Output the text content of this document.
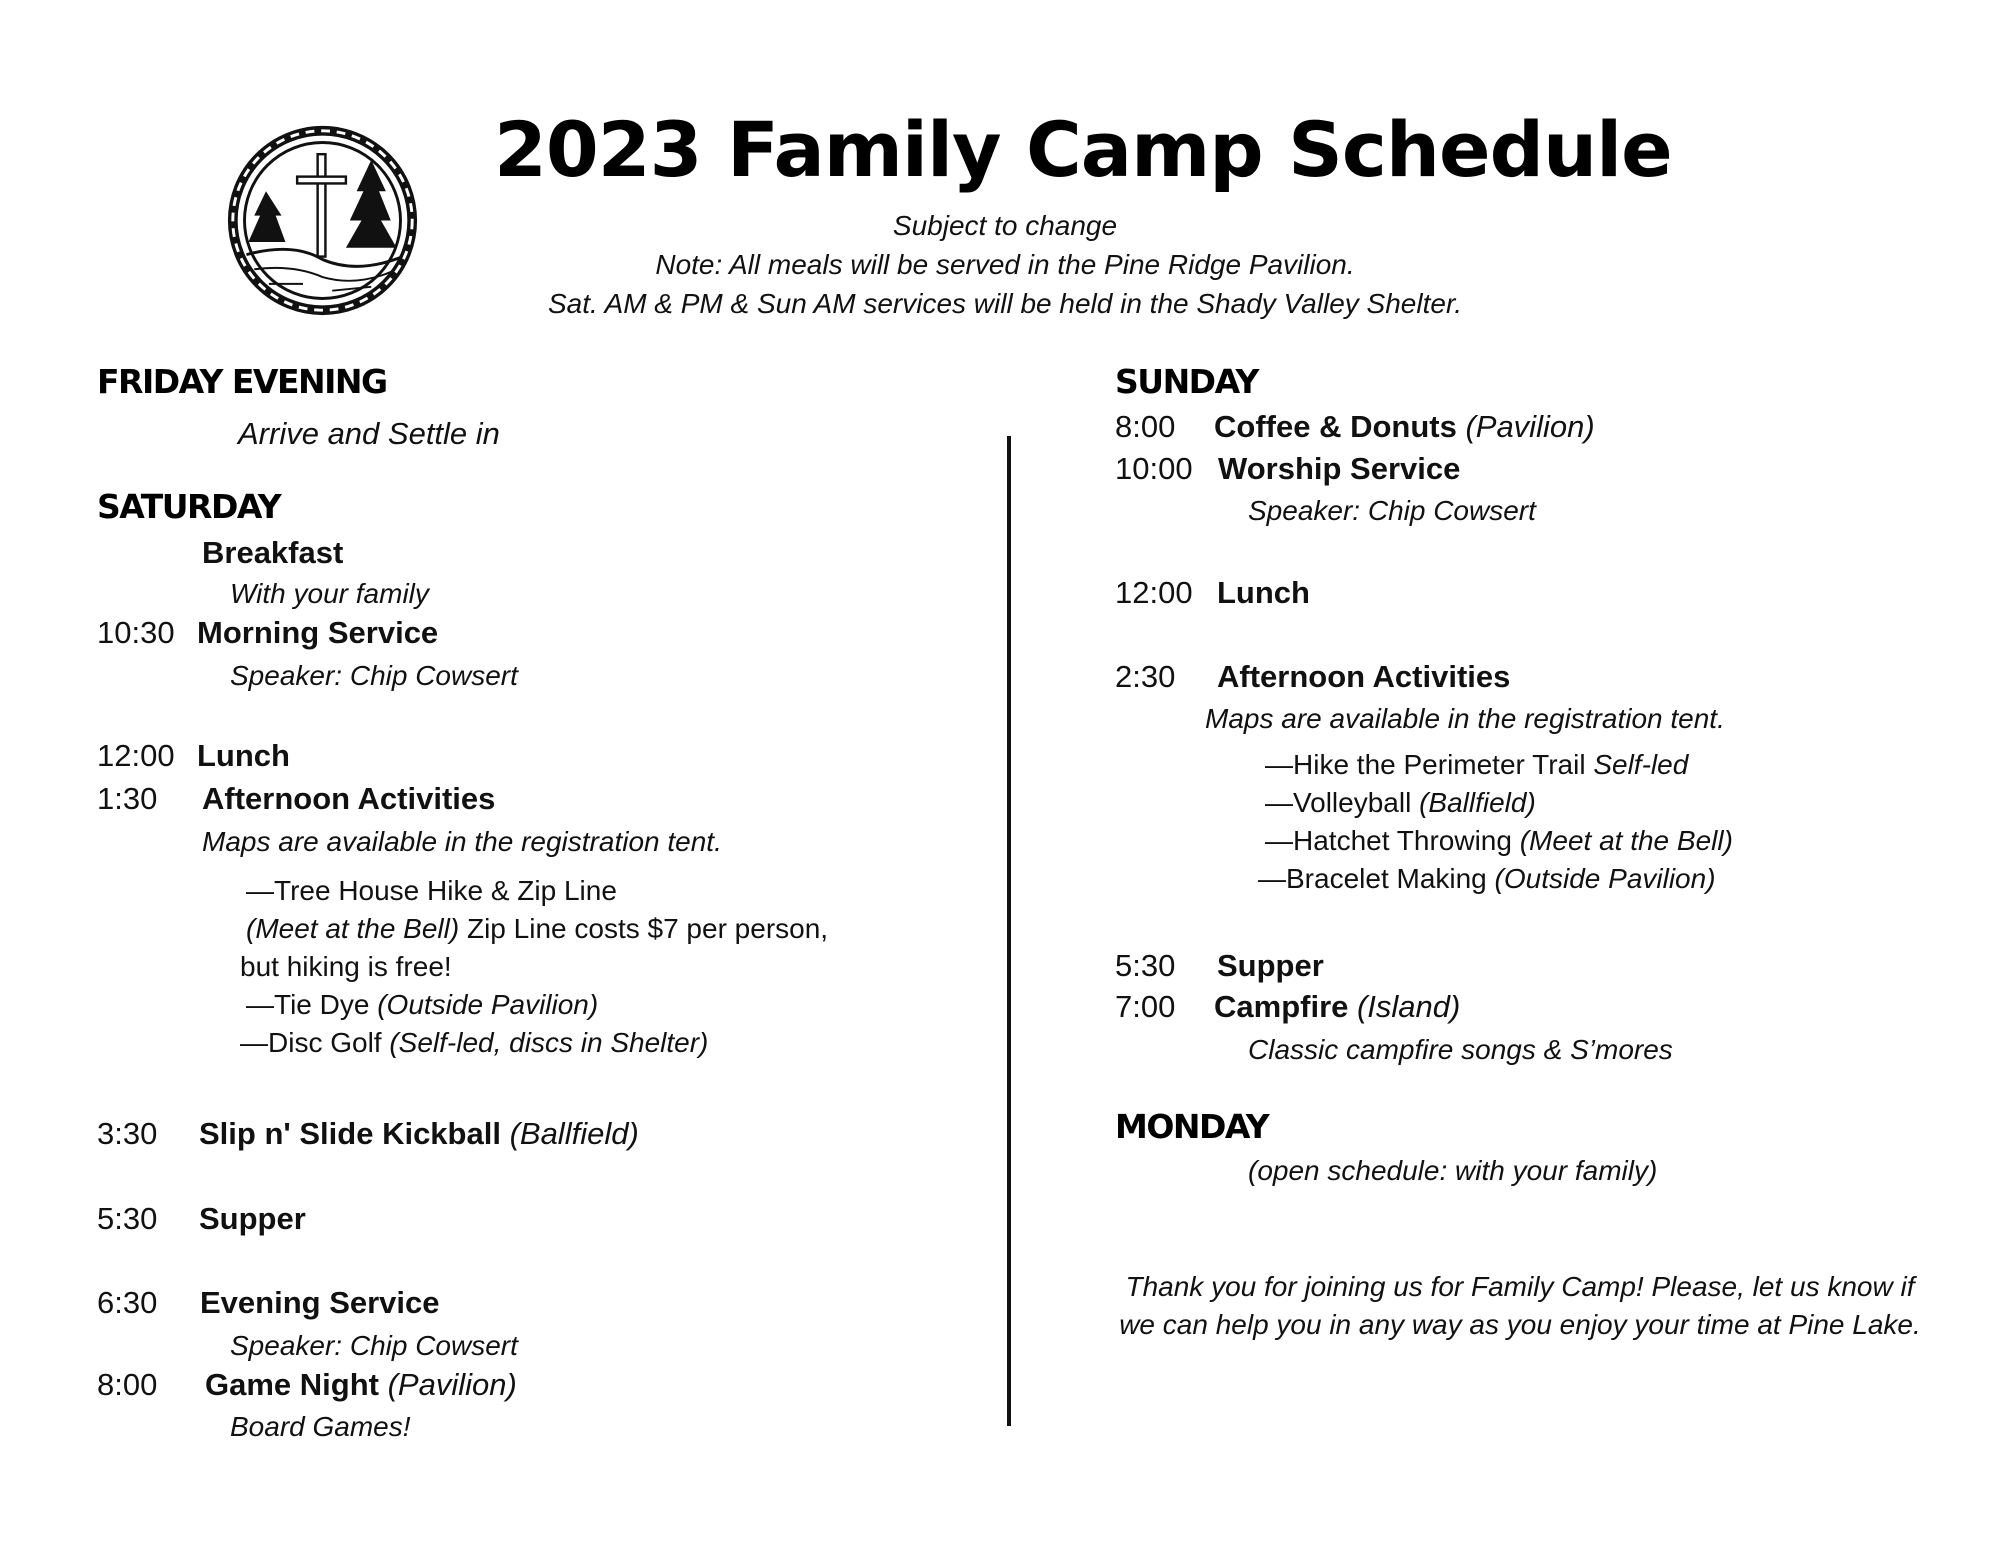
2023 Family Camp Schedule
Subject to change
Note: All meals will be served in the Pine Ridge Pavilion.
Sat. AM & PM & Sun AM services will be held in the Shady Valley Shelter.
FRIDAY EVENING
Arrive and Settle in
SATURDAY
Breakfast
With your family
10:30 Morning Service
Speaker: Chip Cowsert
12:00 Lunch
1:30 Afternoon Activities
Maps are available in the registration tent.
—Tree House Hike & Zip Line
(Meet at the Bell) Zip Line costs $7 per person,
but hiking is free!
—Tie Dye (Outside Pavilion)
—Disc Golf (Self-led, discs in Shelter)
3:30 Slip n' Slide Kickball (Ballfield)
5:30 Supper
6:30 Evening Service
Speaker: Chip Cowsert
8:00 Game Night (Pavilion)
Board Games!
SUNDAY
8:00 Coffee & Donuts (Pavilion)
10:00 Worship Service
Speaker: Chip Cowsert
12:00 Lunch
2:30 Afternoon Activities
Maps are available in the registration tent.
—Hike the Perimeter Trail Self-led
—Volleyball (Ballfield)
—Hatchet Throwing (Meet at the Bell)
—Bracelet Making (Outside Pavilion)
5:30 Supper
7:00 Campfire (Island)
Classic campfire songs & S’mores
MONDAY
(open schedule: with your family)
Thank you for joining us for Family Camp! Please, let us know if we can help you in any way as you enjoy your time at Pine Lake.
